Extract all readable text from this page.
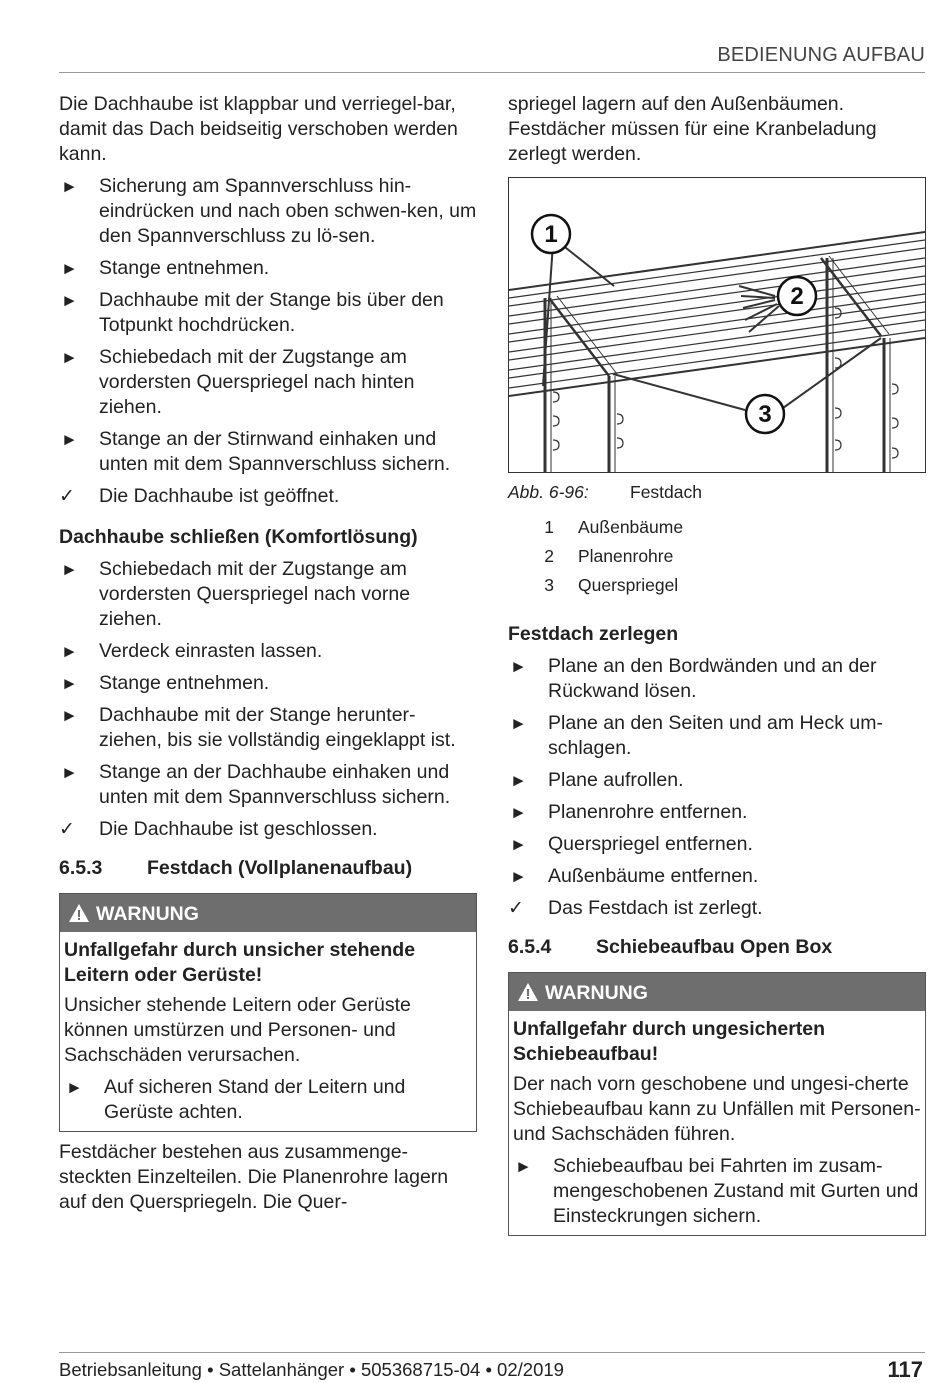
BEDIENUNG AUFBAU

Die Dachhaube ist klappbar und verriegel-bar, damit das Dach beidseitig verschoben werden kann.

► Sicherung am Spannverschluss hin-eindrücken und nach oben schwen-ken, um den Spannverschluss zu lö-sen.
► Stange entnehmen.
► Dachhaube mit der Stange bis über den Totpunkt hochdrücken.
► Schiebedach mit der Zugstange am vordersten Querspriegel nach hinten ziehen.
► Stange an der Stirnwand einhaken und unten mit dem Spannverschluss sichern.
✓ Die Dachhaube ist geöffnet.
Dachhaube schließen (Komfortlösung)
► Schiebedach mit der Zugstange am vordersten Querspriegel nach vorne ziehen.
► Verdeck einrasten lassen.
► Stange entnehmen.
► Dachhaube mit der Stange herunter-ziehen, bis sie vollständig eingeklappt ist.
► Stange an der Dachhaube einhaken und unten mit dem Spannverschluss sichern.
✓ Die Dachhaube ist geschlossen.
6.5.3 Festdach (Vollplanenaufbau)
WARNUNG

Unfallgefahr durch unsicher stehende Leitern oder Gerüste!

Unsicher stehende Leitern oder Gerüste können umstürzen und Personen- und Sachschäden verursachen.

► Auf sicheren Stand der Leitern und Gerüste achten.

Festdächer bestehen aus zusammenge-steckten Einzelteilen. Die Planenrohre lagern auf den Querspriegeln. Die Quer-

spriegel lagern auf den Außenbäumen. Festdächer müssen für eine Kranbeladung zerlegt werden.

1
2
3
Abb. 6-96: Festdach
1 Außenbäume
2 Planenrohre
3 Querspriegel
Festdach zerlegen
► Plane an den Bordwänden und an der Rückwand lösen.
► Plane an den Seiten und am Heck um-schlagen.
► Plane aufrollen.
► Planenrohre entfernen.
► Querspriegel entfernen.
► Außenbäume entfernen.
✓ Das Festdach ist zerlegt.
6.5.4 Schiebeaufbau Open Box
WARNUNG

Unfallgefahr durch ungesicherten Schiebeaufbau!

Der nach vorn geschobene und ungesi-cherte Schiebeaufbau kann zu Unfällen mit Personen- und Sachschäden führen.

► Schiebeaufbau bei Fahrten im zusam-mengeschobenen Zustand mit Gurten und Einsteckrungen sichern.
Betriebsanleitung • Sattelanhänger • 505368715-04 • 02/2019	117
